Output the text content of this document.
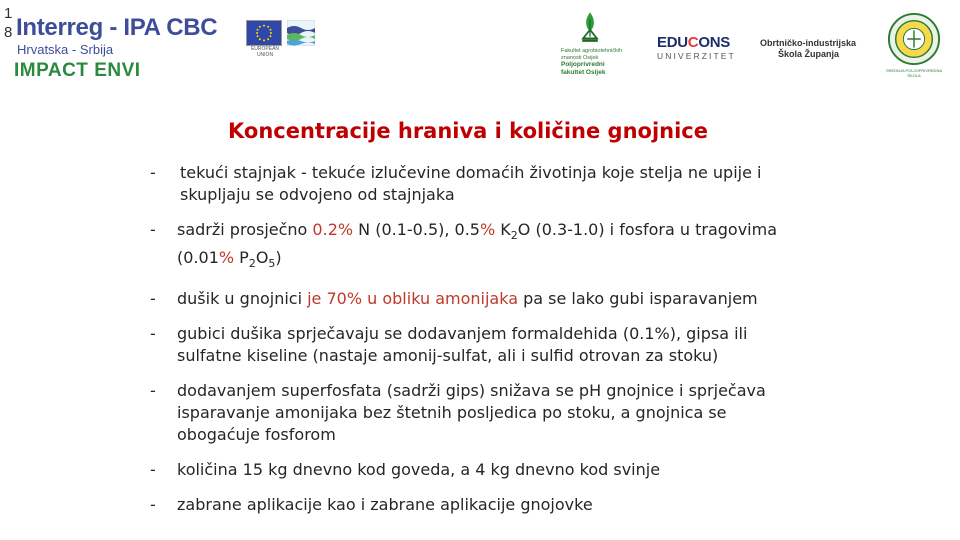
1
8 Interreg - IPA CBC
Hrvatska - Srbija
IMPACT ENVI
EUROPEAN UNION
Fakultet agrobiotehničkih znanosti Osijek
Poljoprivredni fakultet Osijek
EDUCONS
UNIVERZITET
Obrtničko-industrijska
Škola Županja
SREDNJA POLJOPRIVREDNA ŠKOLA
Koncentracije hraniva i količine gnojnice
- tekući stajnjak - tekuće izlučevine domaćih životinja koje stelja ne upije i skupljaju se odvojeno od stajnjaka
- sadrži prosječno 0.2% N (0.1-0.5), 0.5% $K_2O$ (0.3-1.0) i fosfora u tragovima (0.01% $P_2O_5$)
- dušik u gnojnici je 70% u obliku amonijaka pa se lako gubi isparavanjem
- gubici dušika sprječavaju se dodavanjem formaldehida (0.1%), gipsa ili sulfatne kiseline (nastaje amonij-sulfat, ali i sulfid otrovan za stoku)
- dodavanjem superfosfata (sadrži gips) snižava se pH gnojnice i sprječava isparavanje amonijaka bez štetnih posljedica po stoku, a gnojnica se obogaćuje fosforom
- količina 15 kg dnevno kod goveda, a 4 kg dnevno kod svinje
- zabrane aplikacije kao i zabrane aplikacije gnojovke
